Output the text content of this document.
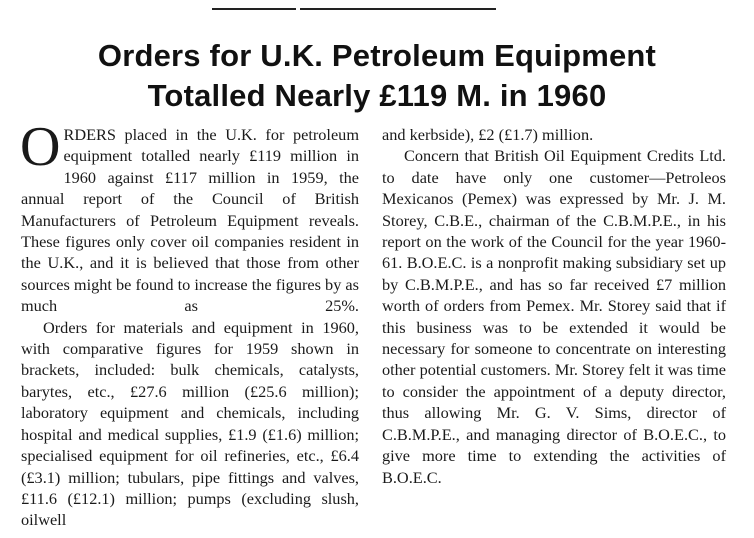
Orders for U.K. Petroleum Equipment
Totalled Nearly £119 M. in 1960

ORDERS placed in the U.K. for petroleum equipment totalled nearly £119 million in 1960 against £117 million in 1959, the annual report of the Council of British Manufacturers of Petroleum Equipment reveals. These figures only cover oil companies resident in the U.K., and it is believed that those from other sources might be found to increase the figures by as much as 25%.

Orders for materials and equipment in 1960, with comparative figures for 1959 shown in brackets, included: bulk chemicals, catalysts, barytes, etc., £27.6 million (£25.6 million); laboratory equipment and chemicals, including hospital and medical supplies, £1.9 (£1.6) million; specialised equipment for oil refineries, etc., £6.4 (£3.1) million; tubulars, pipe fittings and valves, £11.6 (£12.1) million; pumps (excluding slush, oilwell

and kerbside), £2 (£1.7) million.

Concern that British Oil Equipment Credits Ltd. to date have only one customer—Petroleos Mexicanos (Pemex) was expressed by Mr. J. M. Storey, C.B.E., chairman of the C.B.M.P.E., in his report on the work of the Council for the year 1960-61. B.O.E.C. is a nonprofit making subsidiary set up by C.B.M.P.E., and has so far received £7 million worth of orders from Pemex. Mr. Storey said that if this business was to be extended it would be necessary for someone to concentrate on interesting other potential customers. Mr. Storey felt it was time to consider the appointment of a deputy director, thus allowing Mr. G. V. Sims, director of C.B.M.P.E., and managing director of B.O.E.C., to give more time to extending the activities of B.O.E.C.
